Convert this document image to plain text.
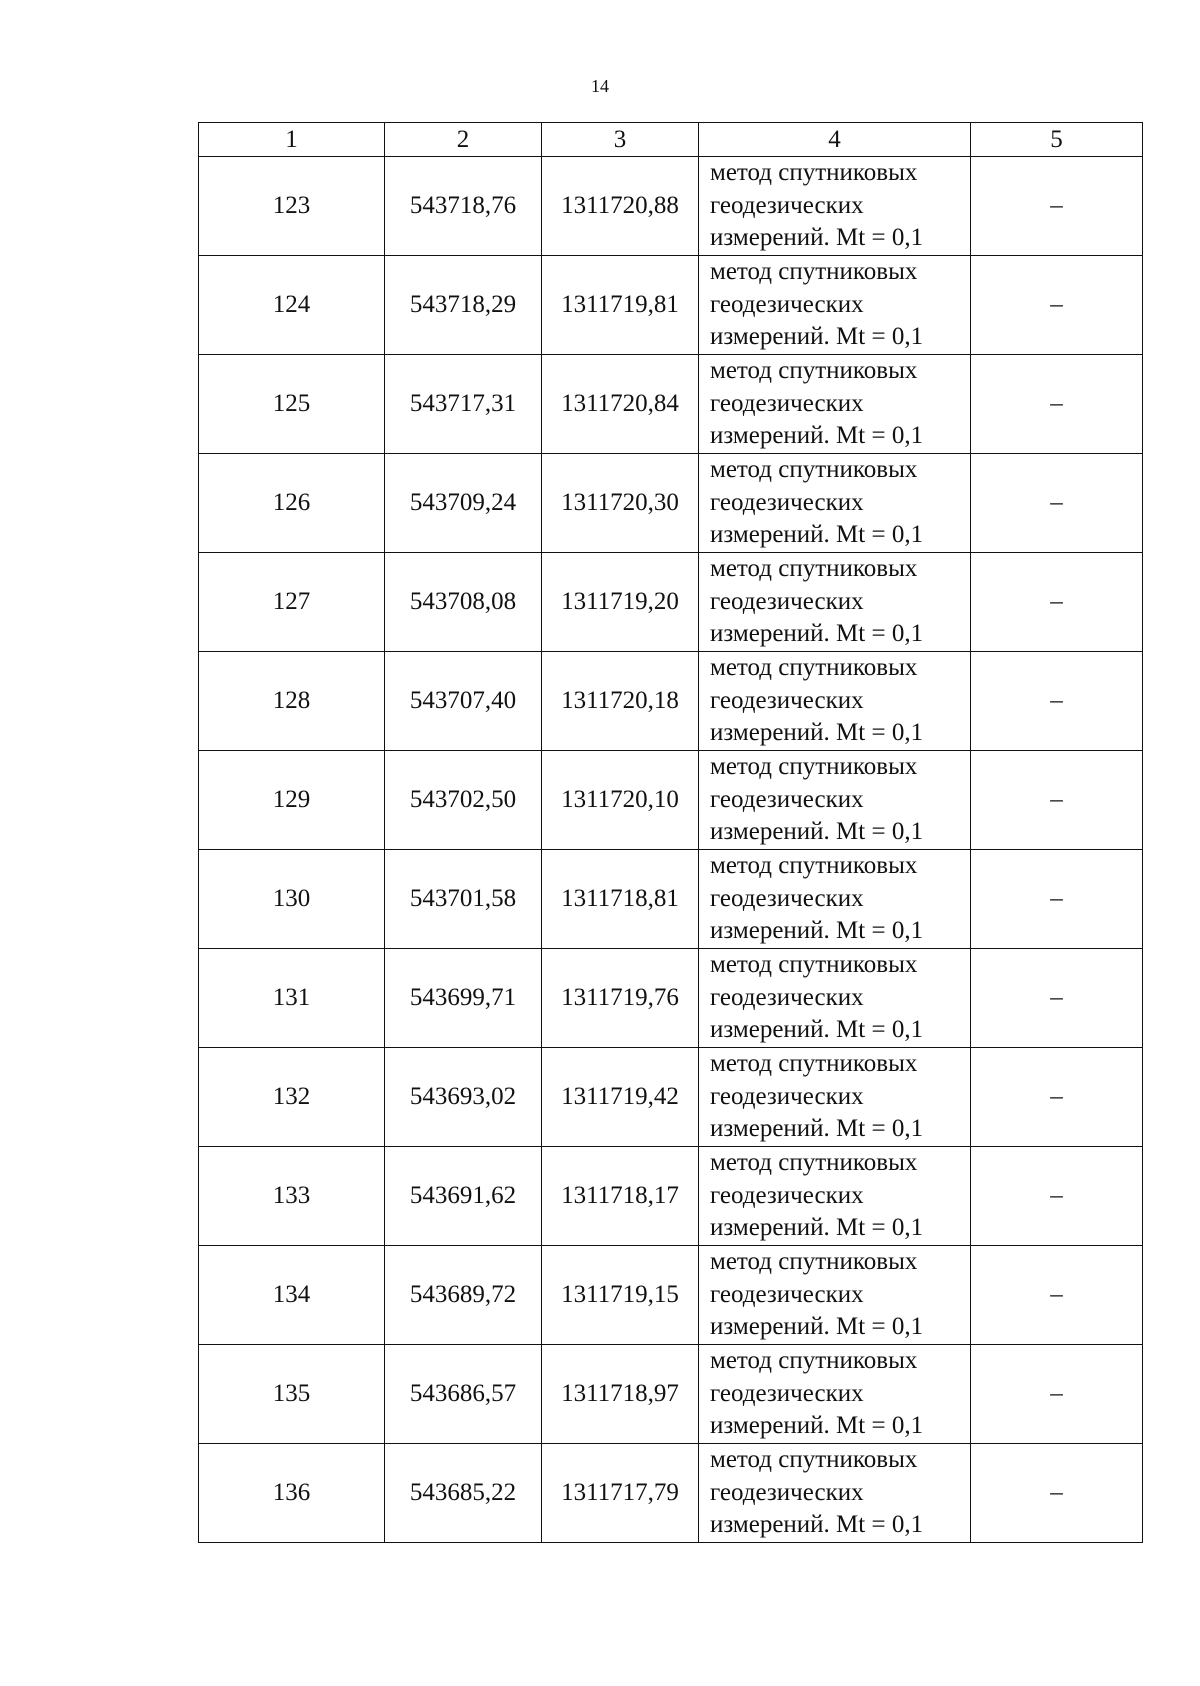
14
1	2	3	4	5
123	543718,76	1311720,88	метод спутниковых
геодезических
измерений. Mt = 0,1	–
124	543718,29	1311719,81	метод спутниковых
геодезических
измерений. Mt = 0,1	–
125	543717,31	1311720,84	метод спутниковых
геодезических
измерений. Mt = 0,1	–
126	543709,24	1311720,30	метод спутниковых
геодезических
измерений. Mt = 0,1	–
127	543708,08	1311719,20	метод спутниковых
геодезических
измерений. Mt = 0,1	–
128	543707,40	1311720,18	метод спутниковых
геодезических
измерений. Mt = 0,1	–
129	543702,50	1311720,10	метод спутниковых
геодезических
измерений. Mt = 0,1	–
130	543701,58	1311718,81	метод спутниковых
геодезических
измерений. Mt = 0,1	–
131	543699,71	1311719,76	метод спутниковых
геодезических
измерений. Mt = 0,1	–
132	543693,02	1311719,42	метод спутниковых
геодезических
измерений. Mt = 0,1	–
133	543691,62	1311718,17	метод спутниковых
геодезических
измерений. Mt = 0,1	–
134	543689,72	1311719,15	метод спутниковых
геодезических
измерений. Mt = 0,1	–
135	543686,57	1311718,97	метод спутниковых
геодезических
измерений. Mt = 0,1	–
136	543685,22	1311717,79	метод спутниковых
геодезических
измерений. Mt = 0,1	–
